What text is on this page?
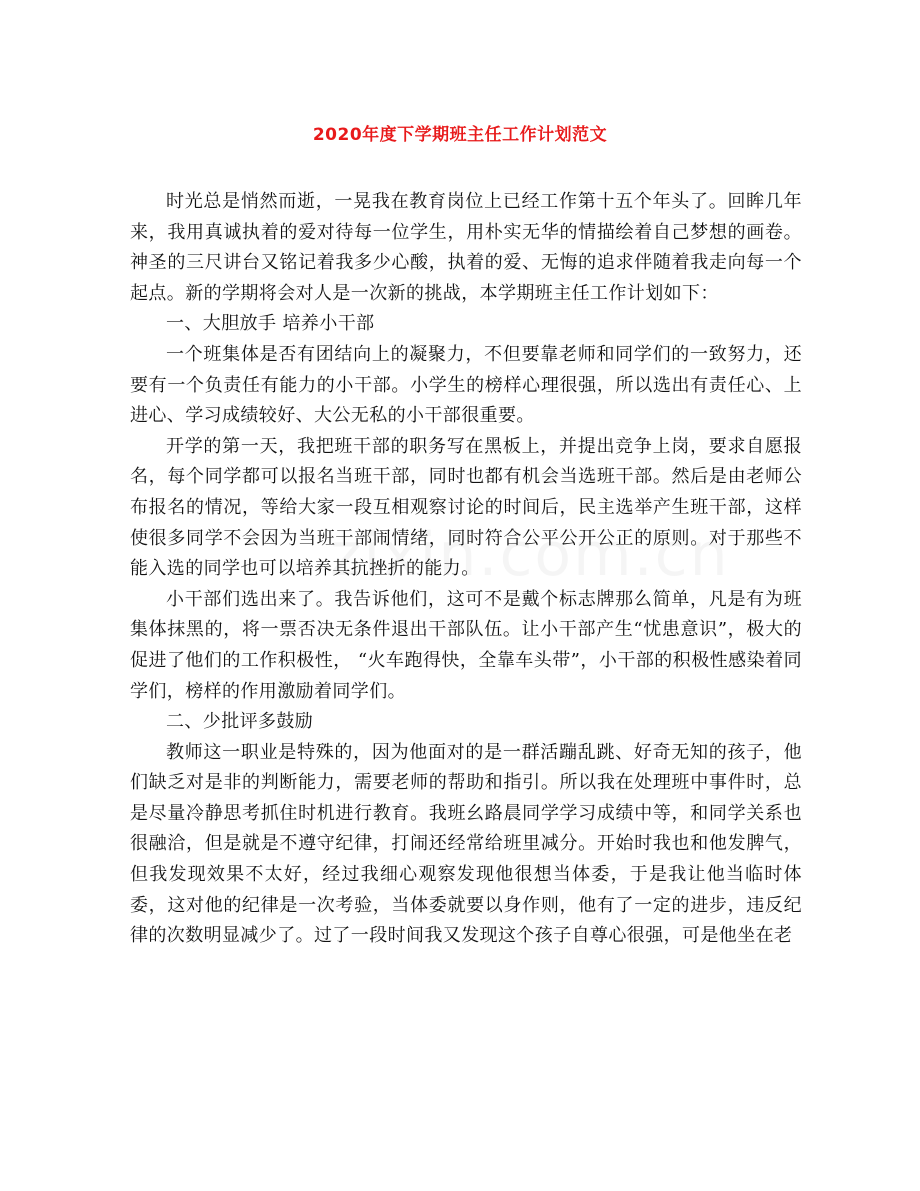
2020年度下学期班主任工作计划范文

时光总是悄然而逝，一晃我在教育岗位上已经工作第十五个年头了。回眸几年来，我用真诚执着的爱对待每一位学生，用朴实无华的情描绘着自己梦想的画卷。神圣的三尺讲台又铭记着我多少心酸，执着的爱、无悔的追求伴随着我走向每一个起点。新的学期将会对人是一次新的挑战，本学期班主任工作计划如下：

一、大胆放手 培养小干部

一个班集体是否有团结向上的凝聚力，不但要靠老师和同学们的一致努力，还要有一个负责任有能力的小干部。小学生的榜样心理很强，所以选出有责任心、上进心、学习成绩较好、大公无私的小干部很重要。

开学的第一天，我把班干部的职务写在黑板上，并提出竞争上岗，要求自愿报名，每个同学都可以报名当班干部，同时也都有机会当选班干部。然后是由老师公布报名的情况，等给大家一段互相观察讨论的时间后，民主选举产生班干部，这样使很多同学不会因为当班干部闹情绪，同时符合公平公开公正的原则。对于那些不能入选的同学也可以培养其抗挫折的能力。

小干部们选出来了。我告诉他们，这可不是戴个标志牌那么简单，凡是有为班集体抹黑的，将一票否决无条件退出干部队伍。让小干部产生“忧患意识”，极大的促进了他们的工作积极性， “火车跑得快，全靠车头带”，小干部的积极性感染着同学们，榜样的作用激励着同学们。

二、少批评多鼓励

教师这一职业是特殊的，因为他面对的是一群活蹦乱跳、好奇无知的孩子，他们缺乏对是非的判断能力，需要老师的帮助和指引。所以我在处理班中事件时，总是尽量冷静思考抓住时机进行教育。我班幺路晨同学学习成绩中等，和同学关系也很融洽，但是就是不遵守纪律，打闹还经常给班里减分。开始时我也和他发脾气，但我发现效果不太好，经过我细心观察发现他很想当体委，于是我让他当临时体委，这对他的纪律是一次考验，当体委就要以身作则，他有了一定的进步，违反纪律的次数明显减少了。过了一段时间我又发现这个孩子自尊心很强，可是他坐在老
